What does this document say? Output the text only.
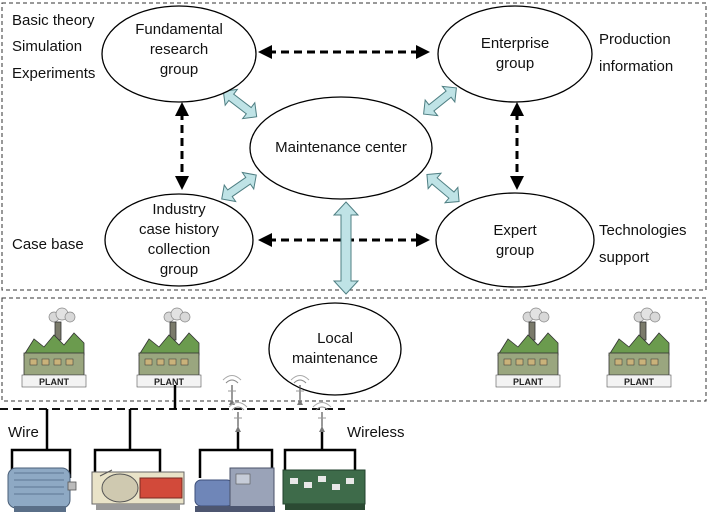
PLANT	PLANT	PLANT	PLANT
Fundamental
research
group
Enterprise
group
Maintenance center
Industry
case history
collection
group
Expert
group
Local
maintenance
Basic theory
Simulation
Experiments
Production
information
Case base
Technologies
support
Wire	Wireless
